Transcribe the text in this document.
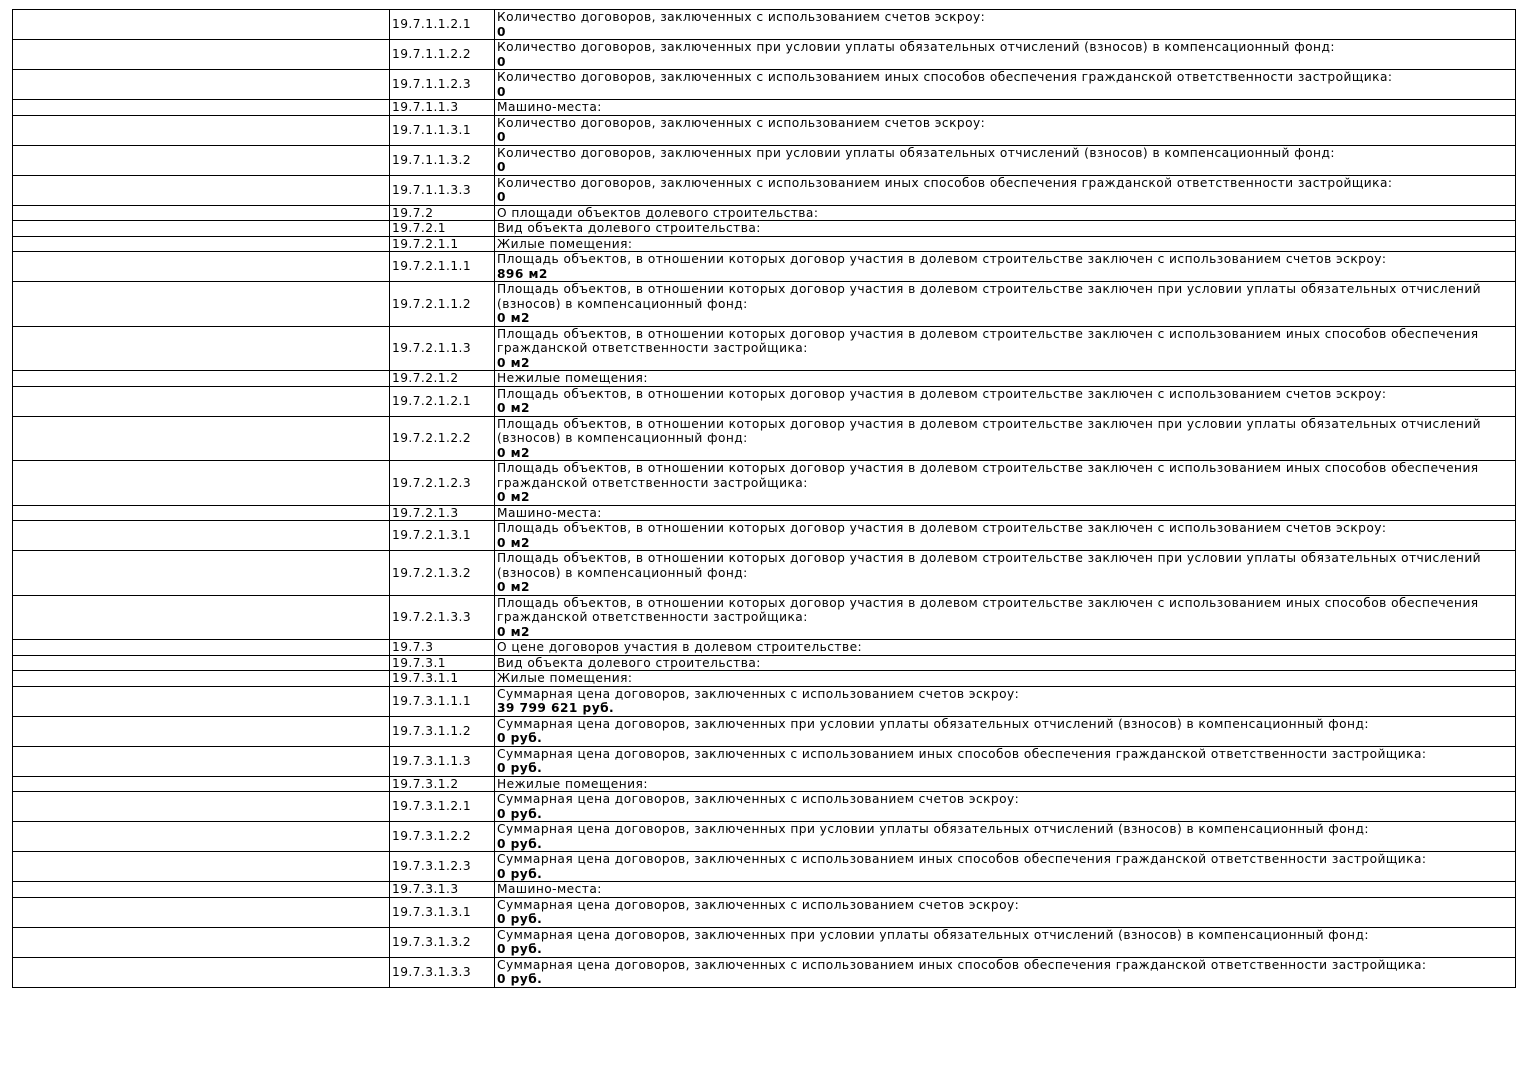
	19.7.1.1.2.1	Количество договоров, заключенных с использованием счетов эскроу:
0

	19.7.1.1.2.2	Количество договоров, заключенных при условии уплаты обязательных отчислений (взносов) в компенсационный фонд:
0

	19.7.1.1.2.3	Количество договоров, заключенных с использованием иных способов обеспечения гражданской ответственности застройщика:
0

	19.7.1.1.3	Машино-места:

	19.7.1.1.3.1	Количество договоров, заключенных с использованием счетов эскроу:
0

	19.7.1.1.3.2	Количество договоров, заключенных при условии уплаты обязательных отчислений (взносов) в компенсационный фонд:
0

	19.7.1.1.3.3	Количество договоров, заключенных с использованием иных способов обеспечения гражданской ответственности застройщика:
0

	19.7.2	О площади объектов долевого строительства:

	19.7.2.1	Вид объекта долевого строительства:

	19.7.2.1.1	Жилые помещения:

	19.7.2.1.1.1	Площадь объектов, в отношении которых договор участия в долевом строительстве заключен с использованием счетов эскроу:
896 м2

	19.7.2.1.1.2	Площадь объектов, в отношении которых договор участия в долевом строительстве заключен при условии уплаты обязательных отчислений (взносов) в компенсационный фонд:
0 м2

	19.7.2.1.1.3	Площадь объектов, в отношении которых договор участия в долевом строительстве заключен с использованием иных способов обеспечения гражданской ответственности застройщика:
0 м2

	19.7.2.1.2	Нежилые помещения:

	19.7.2.1.2.1	Площадь объектов, в отношении которых договор участия в долевом строительстве заключен с использованием счетов эскроу:
0 м2

	19.7.2.1.2.2	Площадь объектов, в отношении которых договор участия в долевом строительстве заключен при условии уплаты обязательных отчислений (взносов) в компенсационный фонд:
0 м2

	19.7.2.1.2.3	Площадь объектов, в отношении которых договор участия в долевом строительстве заключен с использованием иных способов обеспечения гражданской ответственности застройщика:
0 м2

	19.7.2.1.3	Машино-места:

	19.7.2.1.3.1	Площадь объектов, в отношении которых договор участия в долевом строительстве заключен с использованием счетов эскроу:
0 м2

	19.7.2.1.3.2	Площадь объектов, в отношении которых договор участия в долевом строительстве заключен при условии уплаты обязательных отчислений (взносов) в компенсационный фонд:
0 м2

	19.7.2.1.3.3	Площадь объектов, в отношении которых договор участия в долевом строительстве заключен с использованием иных способов обеспечения гражданской ответственности застройщика:
0 м2

	19.7.3	О цене договоров участия в долевом строительстве:

	19.7.3.1	Вид объекта долевого строительства:

	19.7.3.1.1	Жилые помещения:

	19.7.3.1.1.1	Суммарная цена договоров, заключенных с использованием счетов эскроу:
39 799 621 руб.

	19.7.3.1.1.2	Суммарная цена договоров, заключенных при условии уплаты обязательных отчислений (взносов) в компенсационный фонд:
0 руб.

	19.7.3.1.1.3	Суммарная цена договоров, заключенных с использованием иных способов обеспечения гражданской ответственности застройщика:
0 руб.

	19.7.3.1.2	Нежилые помещения:

	19.7.3.1.2.1	Суммарная цена договоров, заключенных с использованием счетов эскроу:
0 руб.

	19.7.3.1.2.2	Суммарная цена договоров, заключенных при условии уплаты обязательных отчислений (взносов) в компенсационный фонд:
0 руб.

	19.7.3.1.2.3	Суммарная цена договоров, заключенных с использованием иных способов обеспечения гражданской ответственности застройщика:
0 руб.

	19.7.3.1.3	Машино-места:

	19.7.3.1.3.1	Суммарная цена договоров, заключенных с использованием счетов эскроу:
0 руб.

	19.7.3.1.3.2	Суммарная цена договоров, заключенных при условии уплаты обязательных отчислений (взносов) в компенсационный фонд:
0 руб.

	19.7.3.1.3.3	Суммарная цена договоров, заключенных с использованием иных способов обеспечения гражданской ответственности застройщика:
0 руб.
